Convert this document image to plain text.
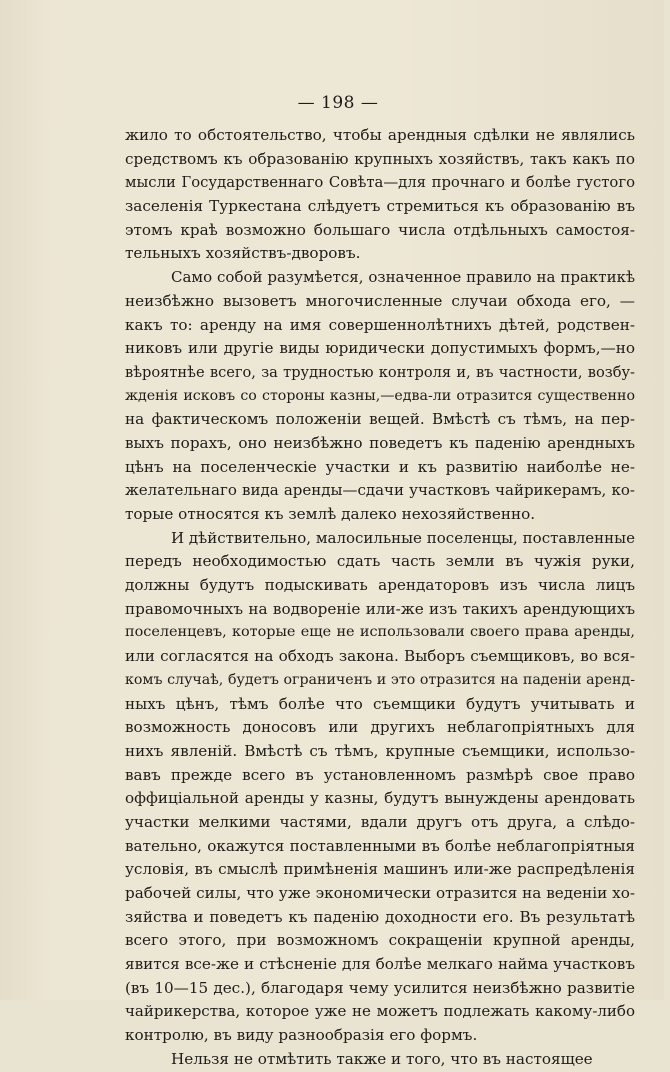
— 198 —
жило то обстоятельство, чтобы арендныя сдѣлки не являлись
средствомъ къ образованію крупныхъ хозяйствъ, такъ какъ по
мысли Государственнаго Совѣта—для прочнаго и болѣе густого
заселенія Туркестана слѣдуетъ стремиться къ образованію въ
этомъ краѣ возможно большаго числа отдѣльныхъ самостоя-
тельныхъ хозяйствъ-дворовъ.
Само собой разумѣется, означенное правило на практикѣ
неизбѣжно вызоветъ многочисленные случаи обхода его, —
какъ то: аренду на имя совершеннолѣтнихъ дѣтей, родствен-
никовъ или другіе виды юридически допустимыхъ формъ,—но
вѣроятнѣе всего, за трудностью контроля и, въ частности, возбу-
жденія исковъ со стороны казны,—едва-ли отразится существенно
на фактическомъ положеніи вещей. Вмѣстѣ съ тѣмъ, на пер-
выхъ порахъ, оно неизбѣжно поведетъ къ паденію арендныхъ
цѣнъ на поселенческіе участки и къ развитію наиболѣе не-
желательнаго вида аренды—сдачи участковъ чайрикерамъ, ко-
торые относятся къ землѣ далеко нехозяйственно.
И дѣйствительно, малосильные поселенцы, поставленные
передъ необходимостью сдать часть земли въ чужія руки,
должны будутъ подыскивать арендаторовъ изъ числа лицъ
правомочныхъ на водвореніе или-же изъ такихъ арендующихъ
поселенцевъ, которые еще не использовали своего права аренды,
или согласятся на обходъ закона. Выборъ съемщиковъ, во вся-
комъ случаѣ, будетъ ограниченъ и это отразится на паденіи аренд-
ныхъ цѣнъ, тѣмъ болѣе что съемщики будутъ учитывать и
возможность доносовъ или другихъ неблагопріятныхъ для
нихъ явленій. Вмѣстѣ съ тѣмъ, крупные съемщики, использо-
вавъ прежде всего въ установленномъ размѣрѣ свое право
оффиціальной аренды у казны, будутъ вынуждены арендовать
участки мелкими частями, вдали другъ отъ друга, а слѣдо-
вательно, окажутся поставленными въ болѣе неблагопріятныя
условія, въ смыслѣ примѣненія машинъ или-же распредѣленія
рабочей силы, что уже экономически отразится на веденіи хо-
зяйства и поведетъ къ паденію доходности его. Въ результатѣ
всего этого, при возможномъ сокращеніи крупной аренды,
явится все-же и стѣсненіе для болѣе мелкаго найма участковъ
(въ 10—15 дес.), благодаря чему усилится неизбѣжно развитіе
чайрикерства, которое уже не можетъ подлежать какому-либо
контролю, въ виду разнообразія его формъ.
Нельзя не отмѣтить также и того, что въ настоящее
